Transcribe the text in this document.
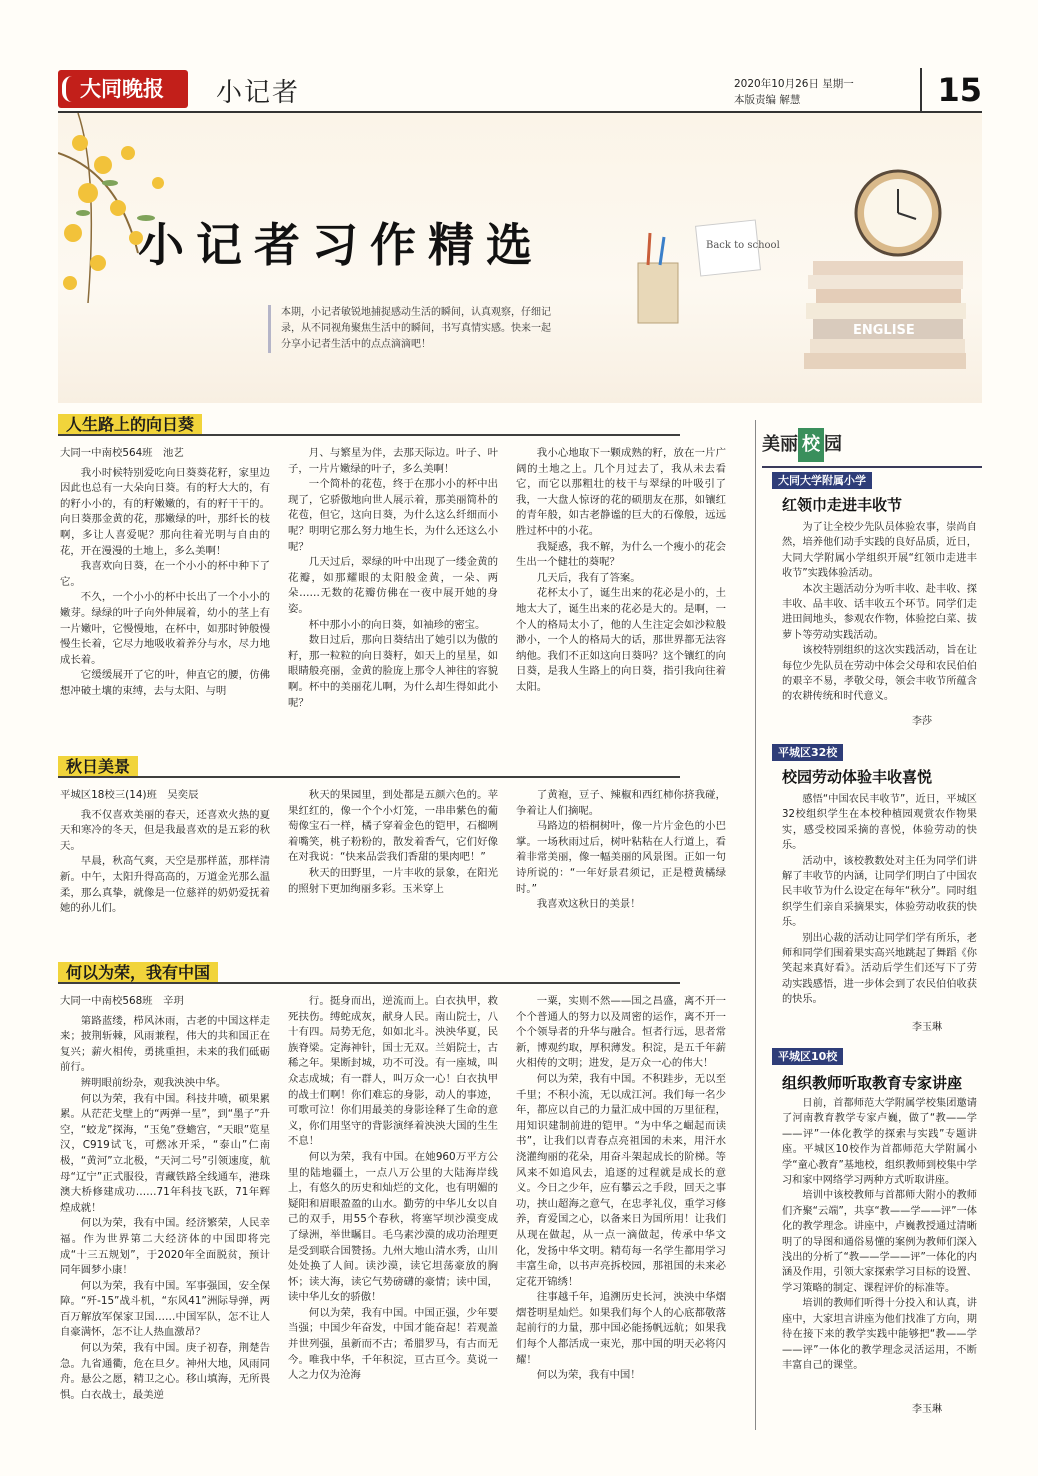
大同晚报	小记者	2020年10月26日 星期一
本版责编 解慧	15
小记者习作精选
本期，小记者敏锐地捕捉感动生活的瞬间，认真观察，仔细记录，从不同视角聚焦生活中的瞬间，书写真情实感。快来一起分享小记者生活中的点点滴滴吧！
Back to school
ENGLISE
人生路上的向日葵

大同一中南校564班　池艺

我小时候特别爱吃向日葵葵花籽，家里边因此也总有一大朵向日葵。有的籽大大的，有的籽小小的，有的籽嫩嫩的，有的籽干干的。向日葵那金黄的花，那嫩绿的叶，那纤长的枝啊，多让人喜爱呢？那向往着光明与自由的花，开在漫漫的土地上，多么美啊！

我喜欢向日葵，在一个小小的杯中种下了它。

不久，一个小小的杯中长出了一个小小的嫩芽。绿绿的叶子向外伸展着，幼小的茎上有一片嫩叶，它慢慢地，在杯中，如那时钟般慢慢生长着，它尽力地吸收着养分与水，尽力地成长着。

它缓缓展开了它的叶，伸直它的腰，仿佛想冲破土壤的束缚，去与太阳、与明

月、与繁星为伴，去那天际边。叶子、叶子，一片片嫩绿的叶子，多么美啊！

一个简朴的花苞，终于在那小小的杯中出现了，它骄傲地向世人展示着，那美丽简朴的花苞，但它，这向日葵，为什么这么纤细而小呢？明明它那么努力地生长，为什么还这么小呢？

几天过后，翠绿的叶中出现了一缕金黄的花瓣，如那耀眼的太阳般金黄，一朵、两朵……无数的花瓣仿佛在一夜中展开她的身姿。

杯中那小小的向日葵，如袖珍的密宝。

数日过后，那向日葵结出了她引以为傲的籽，那一粒粒的向日葵籽，如天上的星星，如眼睛般亮丽，金黄的脸庞上那令人神往的容貌啊。杯中的美丽花儿啊，为什么却生得如此小呢？

我小心地取下一颗成熟的籽，放在一片广阔的土地之上。几个月过去了，我从未去看它，而它以那粗壮的枝干与翠绿的叶吸引了我，一大盘人惊讶的花的硕朋友在那，如镶红的青年般，如古老静谧的巨大的石像般，远远胜过杯中的小花。

我疑惑，我不解，为什么一个瘦小的花会生出一个健壮的葵呢？

几天后，我有了答案。

花杯太小了，诞生出来的花必是小的，土地太大了，诞生出来的花必是大的。是啊，一个人的格局太小了，他的人生注定会如沙粒般渺小，一个人的格局大的话，那世界都无法容纳他。我们不正如这向日葵吗？这个镶红的向日葵，是我人生路上的向日葵，指引我向往着太阳。

秋日美景

平城区18校三(14)班　吴奕辰

我不仅喜欢美丽的春天，还喜欢火热的夏天和寒冷的冬天，但是我最喜欢的是五彩的秋天。

早晨，秋高气爽，天空是那样蓝，那样清新。中午，太阳升得高高的，万道金光那么温柔，那么真挚，就像是一位慈祥的奶奶爱抚着她的孙儿们。

秋天的果园里，到处都是五颜六色的。苹果红红的，像一个个小灯笼，一串串紫色的葡萄像宝石一样，橘子穿着金色的铠甲，石榴咧着嘴笑，桃子粉粉的，散发着香气，它们好像在对我说：“快来品尝我们香甜的果肉吧！”

秋天的田野里，一片丰收的景象，在阳光的照射下更加绚丽多彩。玉米穿上

了黄袍，豆子、辣椒和西红柿你挤我碰，争着让人们摘呢。

马路边的梧桐树叶，像一片片金色的小巴掌。一场秋雨过后，树叶粘粘在人行道上，看着非常美丽，像一幅美丽的风景图。正如一句诗所说的：“一年好景君须记，正是橙黄橘绿时。”

我喜欢这秋日的美景！

何以为荣，我有中国

大同一中南校568班　辛玥

第路蓝缕，栉风沐雨，古老的中国这样走来；披荆斩棘，风雨兼程，伟大的共和国正在复兴；薪火相传，勇挑重担，未来的我们砥砺前行。

辨明眼前纷杂，观我泱泱中华。

何以为荣，我有中国。科技井喷，硕果累累。从茫茫戈壁上的“两弹一星”，到“墨子”升空，“蛟龙”探海，“玉兔”登蟾宫，“天眼”览星汉，C919试飞，可燃冰开采，“泰山”仁南极，“黄河”立北极，“天河二号”引领速度，航母“辽宁”正式服役，青藏铁路全线通车，港珠澳大桥修建成功……71年科技飞跃，71年辉煌成就！

何以为荣，我有中国。经济繁荣，人民幸福。作为世界第二大经济体的中国即将完成“十三五规划”，于2020年全面脱贫，预计同年圆梦小康！

何以为荣，我有中国。军事强国，安全保障。“歼-15”战斗机，“东风41”洲际导弹，两百万解放军保家卫国……中国军队，怎不让人自豪满怀，怎不让人热血激昂？

何以为荣，我有中国。庚子初春，荆楚告急。九省通衢，危在旦夕。神州大地，风雨同舟。悬公之愿，精卫之心。移山填海，无所畏惧。白衣战士，最美逆

行。挺身而出，逆流而上。白衣执甲，救死扶伤。缚蛇成灰，献身人民。南山院士，八十有四。局势无危，如如北斗。泱泱华夏，民族脊梁。定海神针，国士无双。兰娟院士，古稀之年。果断封城，功不可没。有一座城，叫众志成城；有一群人，叫万众一心！白衣执甲的战士们啊！你们难忘的身影，动人的事迹，可歌可泣！你们用最美的身影诠释了生命的意义，你们用坚守的背影演绎着泱泱大国的生生不息！

何以为荣，我有中国。在她960万平方公里的陆地疆土，一点八万公里的大陆海岸线上，有悠久的历史和灿烂的文化，也有明媚的疑阳和眉眼盈盈的山水。勤劳的中华儿女以自己的双手，用55个春秋，将塞罕坝沙漠变成了绿洲，举世瞩目。毛乌素沙漠的成功治理更是受到联合国赞扬。九州大地山清水秀，山川处处换了人间。读沙漠，读它坦荡豪放的胸怀；读大海，读它气势磅礴的豪情；读中国，读中华儿女的骄傲！

何以为荣，我有中国。中国正强，少年要当强；中国少年奋发，中国才能奋起！若观盖并世列强，虽新而不古；希腊罗马，有古而无今。唯我中华，千年积淀，亘古亘今。莫说一人之力仅为沧海

一粟，实则不然——国之昌盛，离不开一个个普通人的努力以及周密的运作，离不开一个个领导者的升华与融合。恒者行远，思者常新，博观约取，厚积薄发。积淀，是五千年薪火相传的文明；进发，是万众一心的伟大！

何以为荣，我有中国。不积跬步，无以至千里；不积小流，无以成江河。我们每一名少年，都应以自己的力量汇成中国的万里征程，用知识建制前进的铠甲。“为中华之崛起而读书”，让我们以青春点亮祖国的未来，用汗水浇灌绚丽的花朵，用奋斗架起成长的阶梯。等风来不如追风去，追逐的过程就是成长的意义。今日之少年，应有攀云之手段，回天之事功，挟山超海之意气，在忠孝礼仪，重学习修养，育爱国之心，以备来日为国所用！让我们从现在做起，从一点一滴做起，传承中华文化，发扬中华文明。精苟每一名学生都用学习丰富生命，以书声亮拆校园，那祖国的未来必定花开锦绣！

往事越千年，追溯历史长河，泱泱中华熠熠苍明星灿烂。如果我们每个人的心底都敬落起前行的力量，那中国必能扬帆远航；如果我们每个人都活成一束光，那中国的明天必将闪耀！

何以为荣，我有中国！

美丽 校 园
大同大学附属小学
红领巾走进丰收节

为了让全校少先队员体验农事，崇尚自然，培养他们动手实践的良好品质，近日，大同大学附属小学组织开展“红领巾走进丰收节”实践体验活动。

本次主题活动分为听丰收、赴丰收、探丰收、品丰收、话丰收五个环节。同学们走进田间地头，参观农作物，体验挖白菜、拔萝卜等劳动实践活动。

该校特别组织的这次实践活动，旨在让每位少先队员在劳动中体会父母和农民伯伯的艰辛不易，孝敬父母，领会丰收节所蕴含的农耕传统和时代意义。

李莎
平城区32校
校园劳动体验丰收喜悦

感悟“中国农民丰收节”，近日，平城区32校组织学生在本校种植园观赏农作物果实，感受校园采摘的喜悦，体验劳动的快乐。

活动中，该校教数处对主任为同学们讲解了丰收节的内涵，让同学们明白了中国农民丰收节为什么设定在每年“秋分”。同时组织学生们亲自采摘果实，体验劳动收获的快乐。

别出心裁的活动让同学们学有所乐，老师和同学们围着果实高兴地跳起了舞蹈《你笑起来真好看》。活动后学生们还写下了劳动实践感悟，进一步体会到了农民伯伯收获的快乐。

李玉琳
平城区10校
组织教师听取教育专家讲座

日前，首都师范大学附属学校集团邀请了河南教育教学专家卢巍，做了“教——学——评”一体化教学的探索与实践”专题讲座。平城区10校作为首都师范大学附属小学“童心教育”基地校，组织教师到校集中学习和家中网络学习两种方式听取讲座。

培训中该校教师与首都师大附小的教师们齐聚“云端”，共享“教——学——评”一体化的教学理念。讲座中，卢巍教授通过清晰明了的导图和通俗易懂的案例为教师们深入浅出的分析了“教——学——评”一体化的内涵及作用，引领大家探索学习目标的设置、学习策略的制定、课程评价的标准等。

培训的教师们听得十分投入和认真，讲座中，大家坦言讲座为他们找准了方向，期待在接下来的教学实践中能够把“教——学——评”一体化的教学理念灵活运用，不断丰富自己的课堂。

李玉琳
